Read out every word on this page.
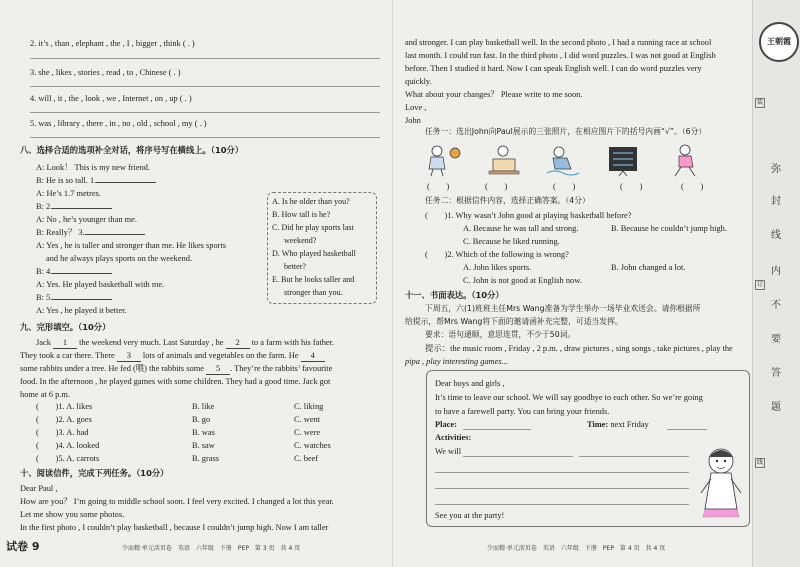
2. it’s , than , elephant , the , I , bigger , think ( . )
3. she , likes , stories , read , to , Chinese ( . )
4. will , it , the , look , we , Internet , on , up ( . )
5. was , library , there , in , no , old , school , my ( . )
八、选择合适的选项补全对话，将序号写在横线上。（10分）
A: Look！ This is my new friend.
B: He is so tall. 1.
A: He’s 1.7 metres.
B: 2.
A: No , he’s younger than me.
B: Really？ 3.
A: Yes , he is taller and stronger than me. He likes sports
and he always plays sports on the weekend.
B: 4.
A: Yes. He played basketball with me.
B: 5.
A: Yes , he played it better.
A. Is he older than you?
B. How tall is he?
C. Did he play sports last
weekend?
D. Who played basketball
better?
E. But he looks taller and
stronger than you.
九、完形填空。（10分）
Jack 1 the weekend very much. Last Saturday , he 2 to a farm with his father.
They took a car there. There 3 lots of animals and vegetables on the farm. He 4
some rabbits under a tree. He fed (喂) the rabbits some 5 . They’re the rabbits’ favourite
food. In the afternoon , he played games with some children. They had a good time. Jack got
home at 6 p.m.
(　　)1. A. likes	B. like	C. liking
(　　)2. A. goes	B. go	C. went
(　　)3. A. had	B. was	C. were
(　　)4. A. looked	B. saw	C. watches
(　　)5. A. carrots	B. grass	C. beef
十、阅读信件，完成下列任务。（10分）
Dear Paul ,
How are you？ I’m going to middle school soon. I feel very excited. I changed a lot this year.
Let me show you some photos.
In the first photo , I couldn’t play basketball , because I couldn’t jump high. Now I am taller
试卷 9	少而精·单元活页卷　英语　六年级　下册　PEP　第 3 页　共 4 页
and stronger. I can play basketball well. In the second photo , I had a running race at school
last month. I could run fast. In the third photo , I did word puzzles. I was not good at English
before. Then I studied it hard. Now I can speak English well. I can do word puzzles very
quickly.
What about your changes？ Please write to me soon.
Love ,
John
任务一：选出John向Paul展示的三张照片，在相应图片下的括号内画“√”。（6分）
(　　)	(　　)	(　　)	(　　)	(　　)
任务二：根据信件内容，选择正确答案。（4分）
(　　)1. Why wasn’t John good at playing basketball before?
A. Because he was tall and strong.	B. Because he couldn’t jump high.
C. Because he liked running.
(　　)2. Which of the following is wrong?
A. John likes sports.	B. John changed a lot.
C. John is not good at English now.
十一、书面表达。（10分）
下周五，六(1)班班主任Mrs Wang准备为学生举办一场毕业欢送会。请你根据所
给提示，帮Mrs Wang将下面的邀请函补充完整，可适当发挥。
要求：语句通顺，意思连贯，不少于50词。
提示：the music room , Friday , 2 p.m. , draw pictures , sing songs , take pictures , play the
pipa , play interesting games...
少而精·单元活页卷　英语　六年级　下册　PEP　第 4 页　共 4 页
Dear boys and girls ,
It’s time to leave our school. We will say goodbye to each other. So we’re going
to have a farewell party. You can bring your friends.
Place:	Time: next Friday
Activities:
We will
See you at the party!
王朝霞
装
弥
封
线
内
订
不
要
答
题
线
